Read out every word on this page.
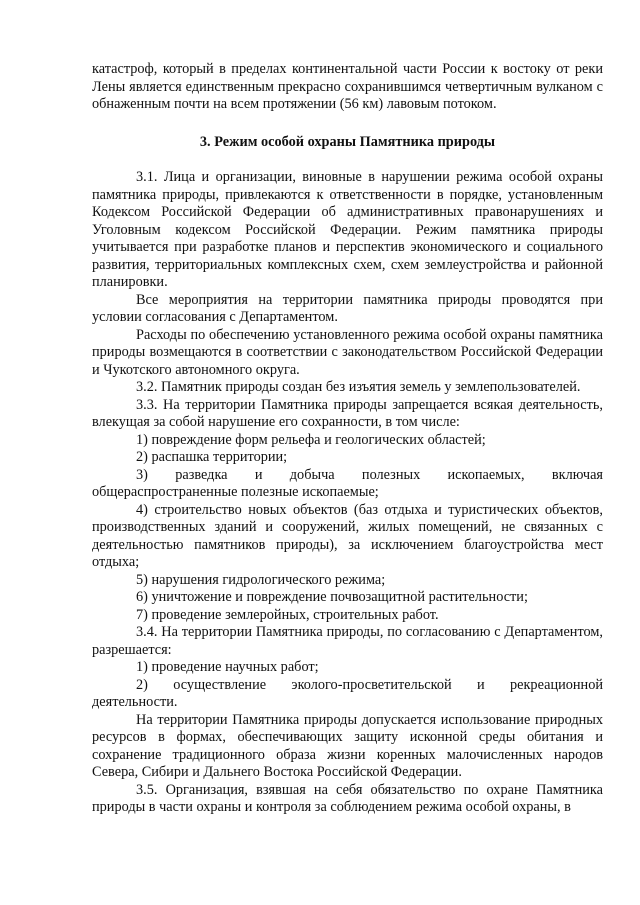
катастроф, который в пределах континентальной части России к востоку от реки Лены является единственным прекрасно сохранившимся четвертичным вулканом с обнаженным почти на всем протяжении (56 км) лавовым потоком.

3. Режим особой охраны Памятника природы

3.1. Лица и организации, виновные в нарушении режима особой охраны памятника природы, привлекаются к ответственности в порядке, установленным Кодексом Российской Федерации об административных правонарушениях и Уголовным кодексом Российской Федерации. Режим памятника природы учитывается при разработке планов и перспектив экономического и социального развития, территориальных комплексных схем, схем землеустройства и районной планировки.

Все мероприятия на территории памятника природы проводятся при условии согласования с Департаментом.

Расходы по обеспечению установленного режима особой охраны памятника природы возмещаются в соответствии с законодательством Российской Федерации и Чукотского автономного округа.

3.2. Памятник природы создан без изъятия земель у землепользователей.

3.3. На территории Памятника природы запрещается всякая деятельность, влекущая за собой нарушение его сохранности, в том числе:

1) повреждение форм рельефа и геологических областей;

2) распашка территории;

3) разведка и добыча полезных ископаемых, включая общераспространенные полезные ископаемые;

4) строительство новых объектов (баз отдыха и туристических объектов, производственных зданий и сооружений, жилых помещений, не связанных с деятельностью памятников природы), за исключением благоустройства мест отдыха;

5) нарушения гидрологического режима;

6) уничтожение и повреждение почвозащитной растительности;

7) проведение землеройных, строительных работ.

3.4. На территории Памятника природы, по согласованию с Департаментом, разрешается:

1) проведение научных работ;

2) осуществление эколого-просветительской и рекреационной деятельности.

На территории Памятника природы допускается использование природных ресурсов в формах, обеспечивающих защиту исконной среды обитания и сохранение традиционного образа жизни коренных малочисленных народов Севера, Сибири и Дальнего Востока Российской Федерации.

3.5. Организация, взявшая на себя обязательство по охране Памятника природы в части охраны и контроля за соблюдением режима особой охраны, в
